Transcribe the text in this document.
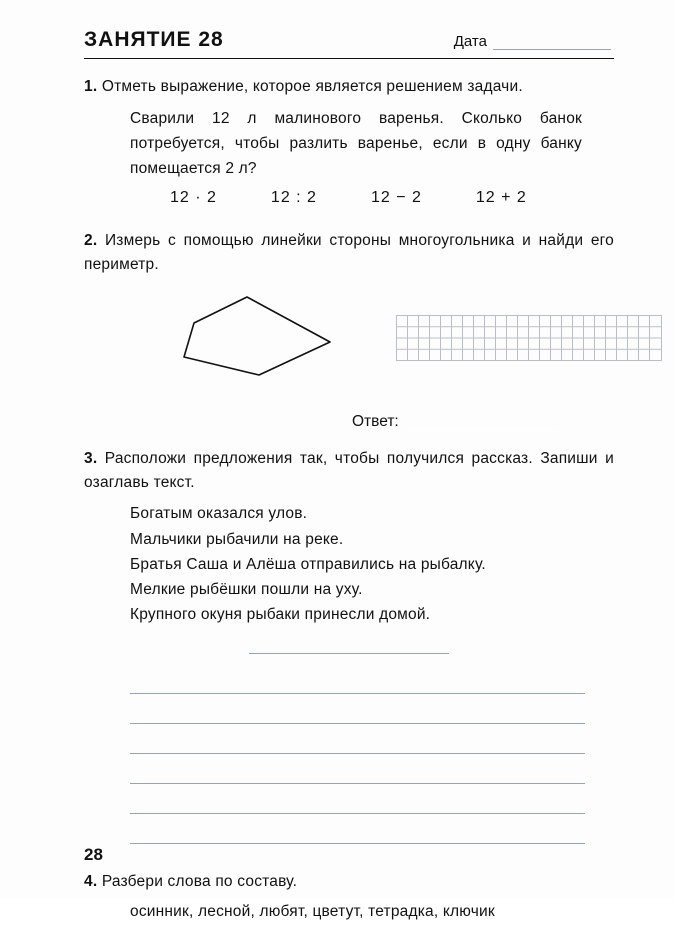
ЗАНЯТИЕ 28	Дата
1. Отметь выражение, которое является решением задачи.
Сварили 12 л малинового варенья. Сколько банок потребуется, чтобы разлить варенье, если в одну банку помещается 2 л?
12 · 2	12 : 2	12 − 2	12 + 2
2. Измерь с помощью линейки стороны многоугольника и найди его периметр.
Ответ:
3. Расположи предложения так, чтобы получился рассказ. Запиши и озаглавь текст.
Богатым оказался улов.
Мальчики рыбачили на реке.
Братья Саша и Алёша отправились на рыбалку.
Мелкие рыбёшки пошли на уху.
Крупного окуня рыбаки принесли домой.
4. Разбери слова по составу.
осинник, лесной, любят, цветут, тетрадка, ключик
28
